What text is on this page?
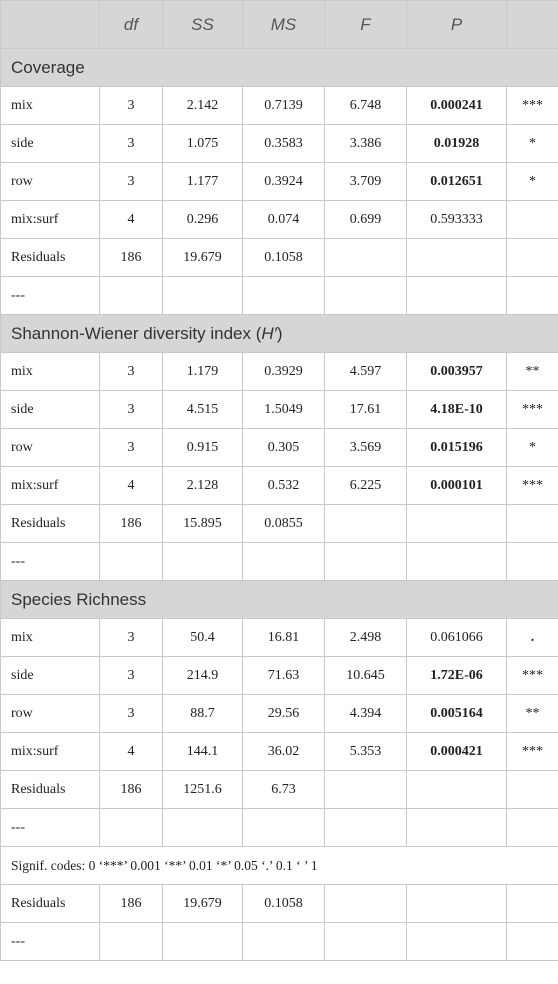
	df	SS	MS	F	P	
Coverage						
mix	3	2.142	0.7139	6.748	0.000241	***
side	3	1.075	0.3583	3.386	0.01928	*
row	3	1.177	0.3924	3.709	0.012651	*
mix:surf	4	0.296	0.074	0.699	0.593333	
Residuals	186	19.679	0.1058			
---						
Shannon-Wiener diversity index (H′)						
mix	3	1.179	0.3929	4.597	0.003957	**
side	3	4.515	1.5049	17.61	4.18E-10	***
row	3	0.915	0.305	3.569	0.015196	*
mix:surf	4	2.128	0.532	6.225	0.000101	***
Residuals	186	15.895	0.0855			
---						
Species Richness						
mix	3	50.4	16.81	2.498	0.061066	.
side	3	214.9	71.63	10.645	1.72E-06	***
row	3	88.7	29.56	4.394	0.005164	**
mix:surf	4	144.1	36.02	5.353	0.000421	***
Residuals	186	1251.6	6.73			
---						
Signif. codes: 0 ‘***’ 0.001 ‘**’ 0.01 ‘*’ 0.05 ‘.’ 0.1 ‘ ’ 1						
Residuals	186	19.679	0.1058			
---						
